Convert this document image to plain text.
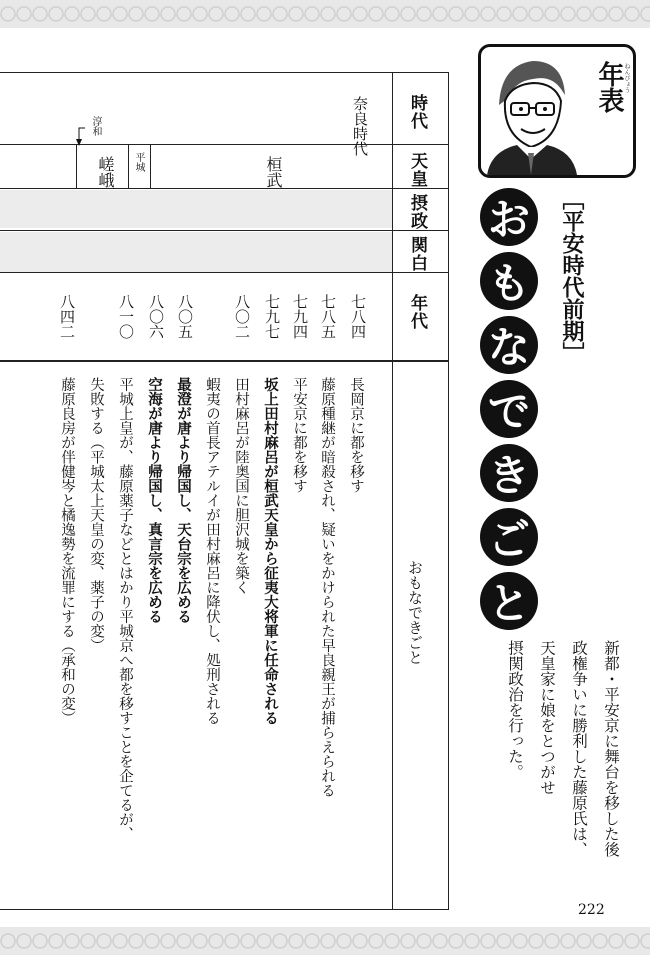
時代
天皇
摂政
関白
年代
おもなできごと
奈良時代
淳和
桓武
平城
嵯峨
七八四
七八五
七九四
七九七
八〇二
八〇五
八〇六
八一〇
八四二
長岡京に都を移す
藤原種継が暗殺され、疑いをかけられた早良親王が捕らえられる
平安京に都を移す
坂上田村麻呂が桓武天皇から征夷大将軍に任命される
田村麻呂が陸奥国に胆沢城を築く
蝦夷の首長アテルイが田村麻呂に降伏し、処刑される
最澄が唐より帰国し、天台宗を広める
空海が唐より帰国し、真言宗を広める
平城上皇が、藤原薬子などとはかり平城京へ都を移すことを企てるが、
失敗する（平城太上天皇の変、薬子の変）
藤原良房が伴健岑と橘逸勢を流罪にする（承和の変）
年表 ねんぴょう
［平安時代前期］
お
も
な
で
き
ご
と
新都・平安京に舞台を移した後
政権争いに勝利した藤原氏は、
天皇家に娘をとつがせ
摂関政治を行った。
222
